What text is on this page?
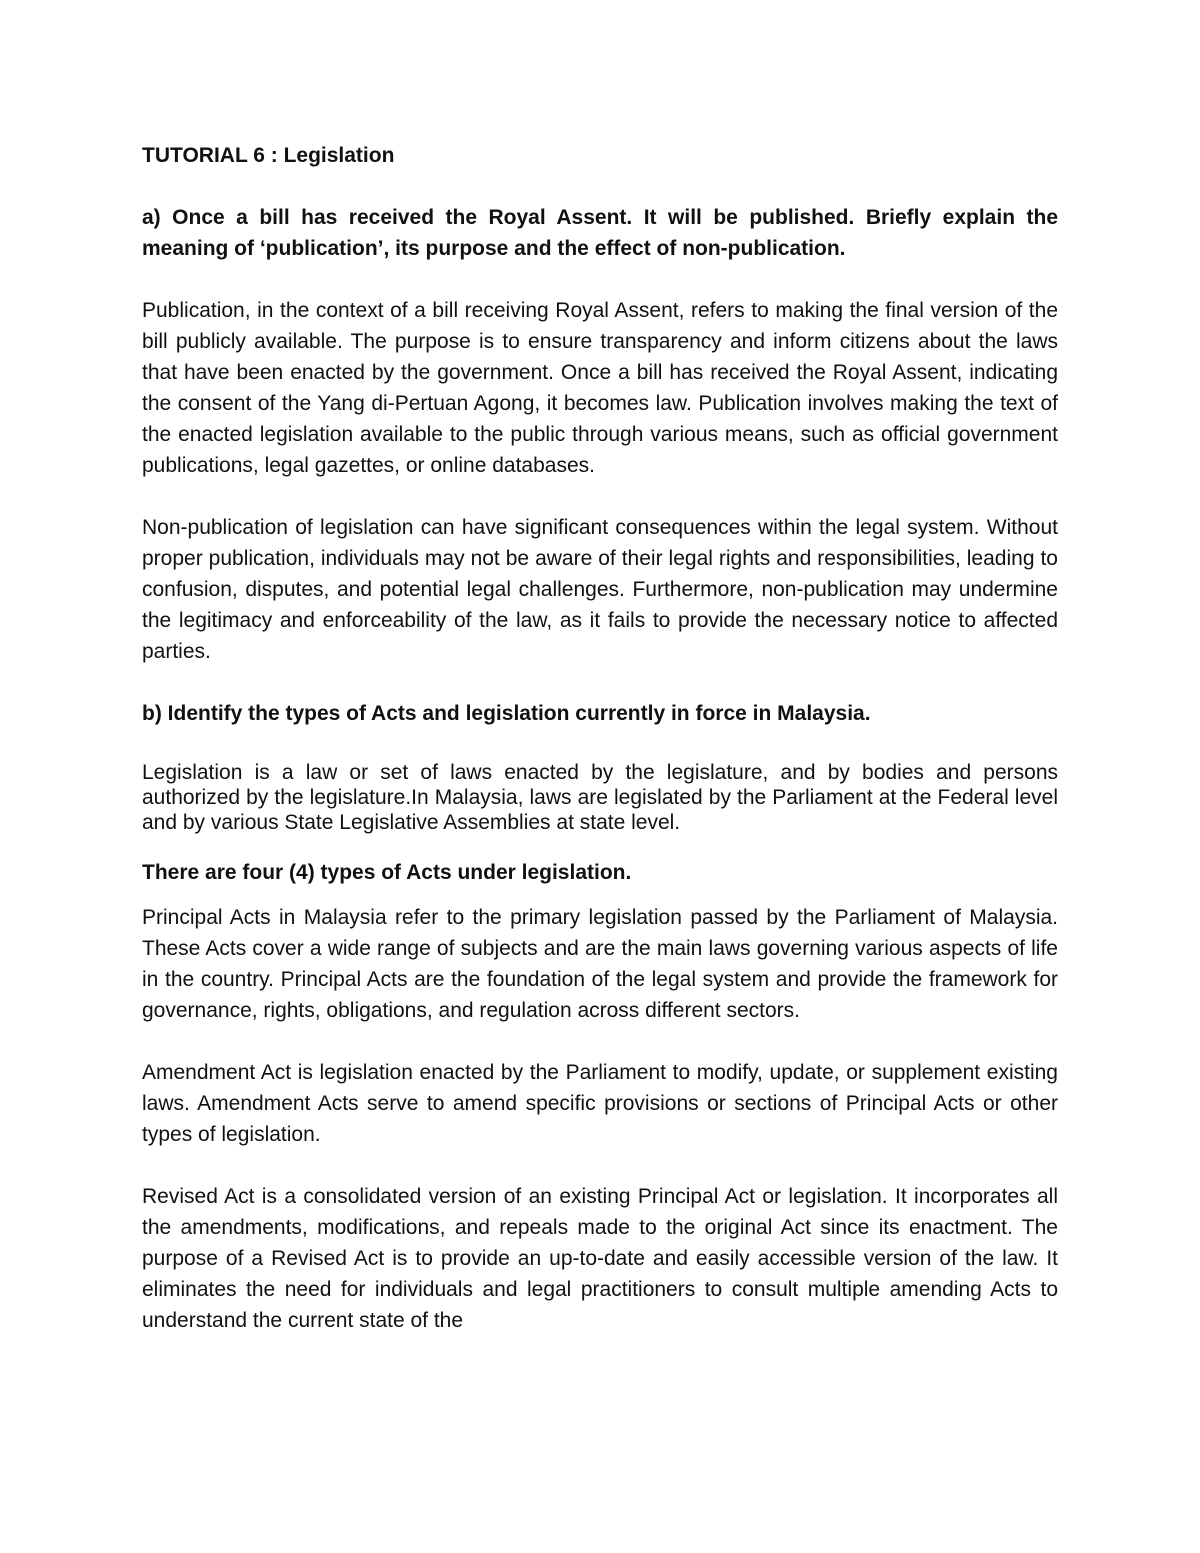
TUTORIAL 6 : Legislation
a) Once a bill has received the Royal Assent. It will be published. Briefly explain the meaning of ‘publication’, its purpose and the effect of non-publication.
Publication, in the context of a bill receiving Royal Assent, refers to making the final version of the bill publicly available. The purpose is to ensure transparency and inform citizens about the laws that have been enacted by the government. Once a bill has received the Royal Assent, indicating the consent of the Yang di-Pertuan Agong, it becomes law. Publication involves making the text of the enacted legislation available to the public through various means, such as official government publications, legal gazettes, or online databases.
Non-publication of legislation can have significant consequences within the legal system. Without proper publication, individuals may not be aware of their legal rights and responsibilities, leading to confusion, disputes, and potential legal challenges. Furthermore, non-publication may undermine the legitimacy and enforceability of the law, as it fails to provide the necessary notice to affected parties.
b) Identify the types of Acts and legislation currently in force in Malaysia.
Legislation is a law or set of laws enacted by the legislature, and by bodies and persons authorized by the legislature.In Malaysia, laws are legislated by the Parliament at the Federal level and by various State Legislative Assemblies at state level.
There are four (4) types of Acts under legislation.
Principal Acts in Malaysia refer to the primary legislation passed by the Parliament of Malaysia. These Acts cover a wide range of subjects and are the main laws governing various aspects of life in the country. Principal Acts are the foundation of the legal system and provide the framework for governance, rights, obligations, and regulation across different sectors.
Amendment Act is legislation enacted by the Parliament to modify, update, or supplement existing laws. Amendment Acts serve to amend specific provisions or sections of Principal Acts or other types of legislation.
Revised Act is a consolidated version of an existing Principal Act or legislation. It incorporates all the amendments, modifications, and repeals made to the original Act since its enactment. The purpose of a Revised Act is to provide an up-to-date and easily accessible version of the law. It eliminates the need for individuals and legal practitioners to consult multiple amending Acts to understand the current state of the
